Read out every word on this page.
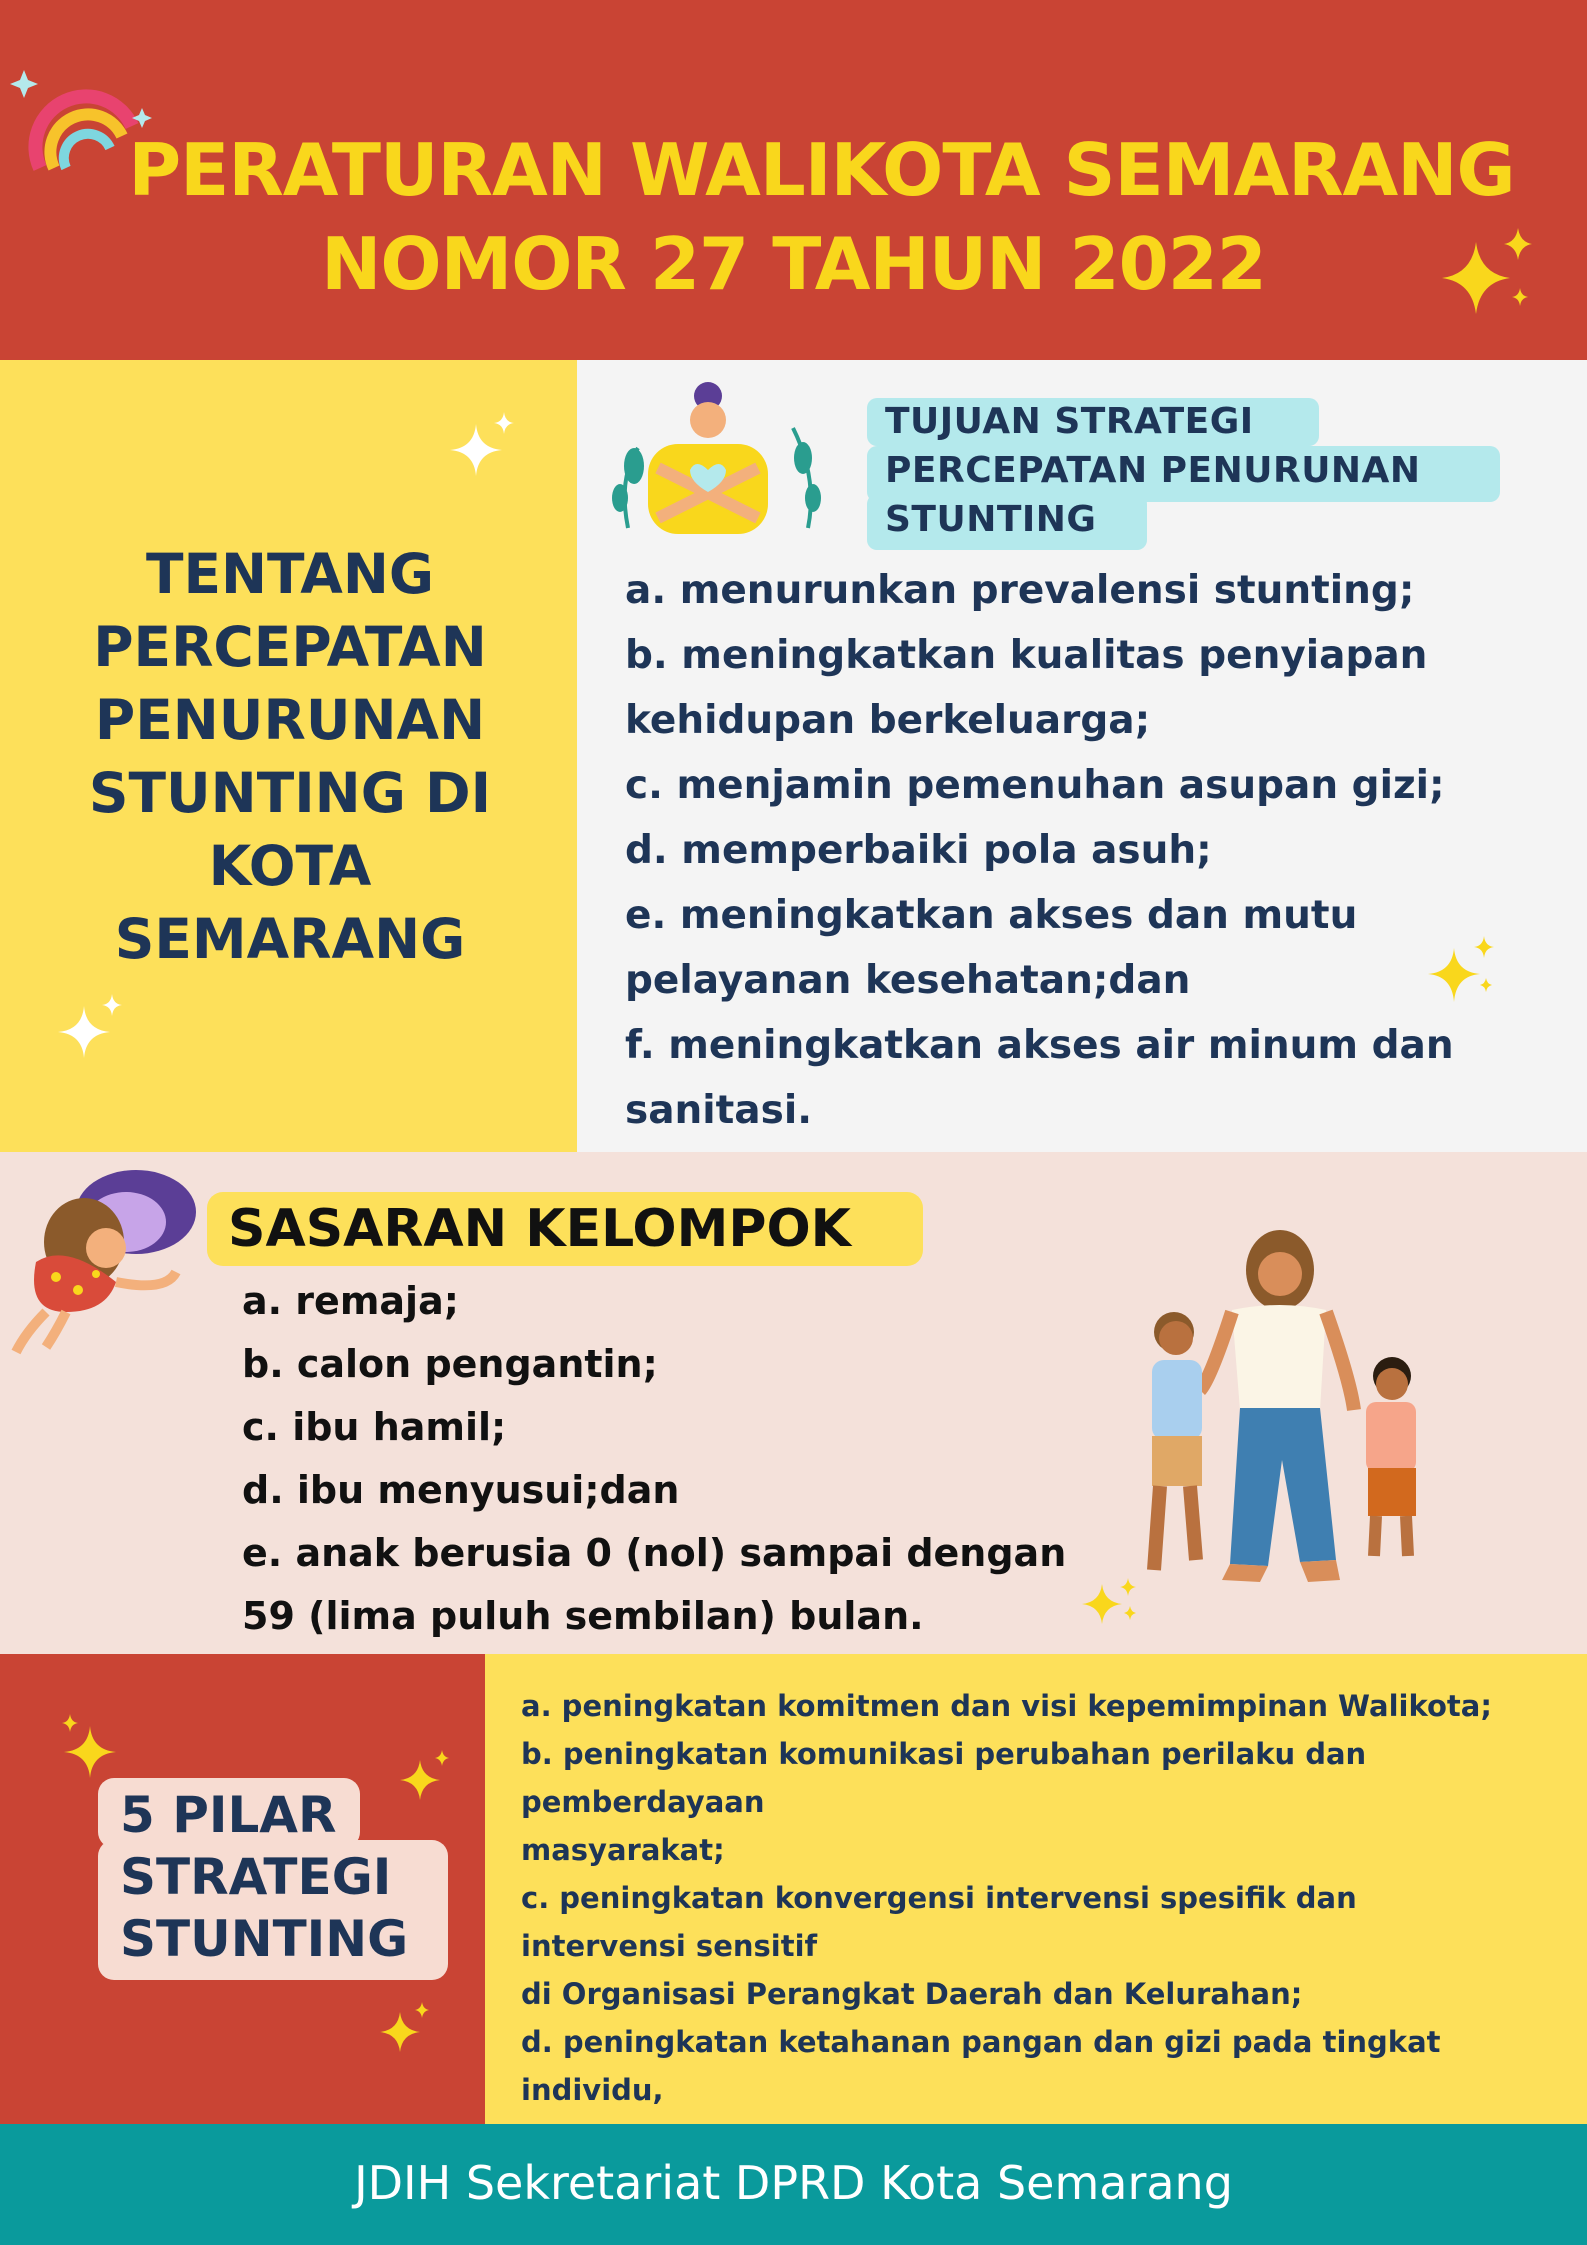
PERATURAN WALIKOTA SEMARANG
NOMOR 27 TAHUN 2022
TENTANG
PERCEPATAN
PENURUNAN
STUNTING DI
KOTA
SEMARANG
TUJUAN STRATEGI
PERCEPATAN PENURUNAN
STUNTING
a. menurunkan prevalensi stunting;
b. meningkatkan kualitas penyiapan
kehidupan berkeluarga;
c. menjamin pemenuhan asupan gizi;
d. memperbaiki pola asuh;
e. meningkatkan akses dan mutu
pelayanan kesehatan;dan
f. meningkatkan akses air minum dan
sanitasi.
SASARAN KELOMPOK
a. remaja;
b. calon pengantin;
c. ibu hamil;
d. ibu menyusui;dan
e. anak berusia 0 (nol) sampai dengan
59 (lima puluh sembilan) bulan.
5 PILAR
STRATEGI
STUNTING
a. peningkatan komitmen dan visi kepemimpinan Walikota;
b. peningkatan komunikasi perubahan perilaku dan
pemberdayaan
masyarakat;
c. peningkatan konvergensi intervensi spesifik dan
intervensi sensitif
di Organisasi Perangkat Daerah dan Kelurahan;
d. peningkatan ketahanan pangan dan gizi pada tingkat
individu,
JDIH Sekretariat DPRD Kota Semarang
